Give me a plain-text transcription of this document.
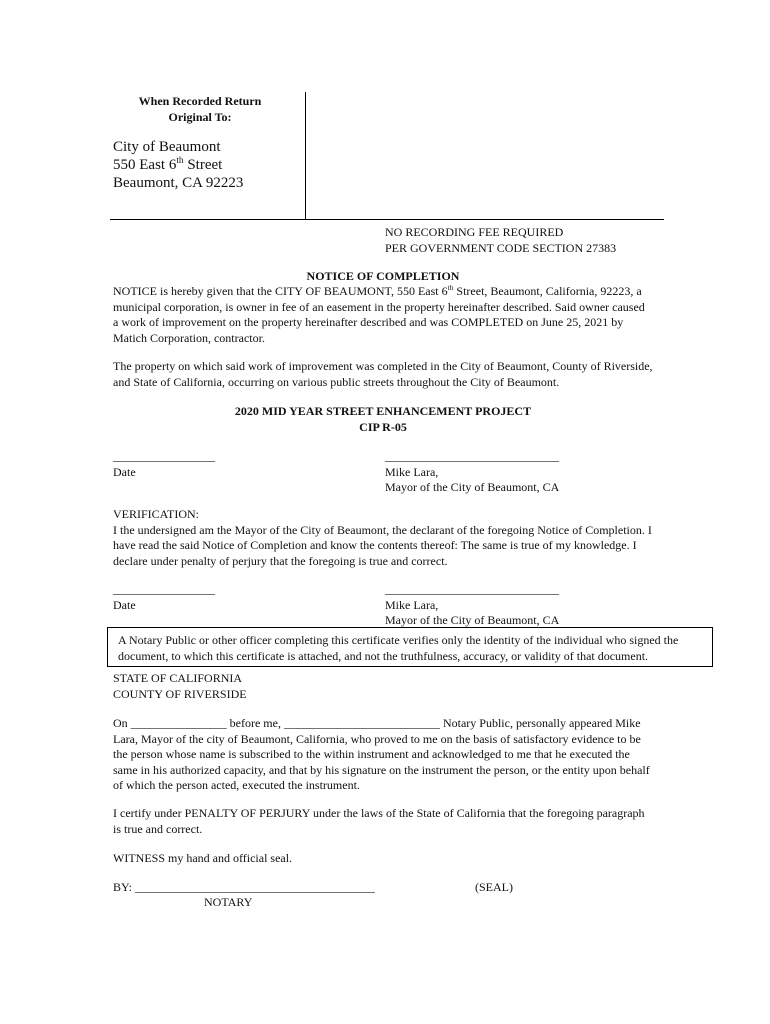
When Recorded Return
Original To:
City of Beaumont
550 East 6th Street
Beaumont, CA 92223
NO RECORDING FEE REQUIRED
PER GOVERNMENT CODE SECTION 27383
NOTICE OF COMPLETION
NOTICE is hereby given that the CITY OF BEAUMONT, 550 East 6th Street, Beaumont, California, 92223, a municipal corporation, is owner in fee of an easement in the property hereinafter described. Said owner caused a work of improvement on the property hereinafter described and was COMPLETED on June 25, 2021 by Matich Corporation, contractor.
The property on which said work of improvement was completed in the City of Beaumont, County of Riverside, and State of California, occurring on various public streets throughout the City of Beaumont.
2020 MID YEAR STREET ENHANCEMENT PROJECT
CIP R-05
_________________
Date
_____________________________
Mike Lara,
Mayor of the City of Beaumont, CA
VERIFICATION:
I the undersigned am the Mayor of the City of Beaumont, the declarant of the foregoing Notice of Completion. I have read the said Notice of Completion and know the contents thereof: The same is true of my knowledge. I declare under penalty of perjury that the foregoing is true and correct.
_________________
Date
_____________________________
Mike Lara,
Mayor of the City of Beaumont, CA
A Notary Public or other officer completing this certificate verifies only the identity of the individual who signed the document, to which this certificate is attached, and not the truthfulness, accuracy, or validity of that document.
STATE OF CALIFORNIA
COUNTY OF RIVERSIDE
On ________________ before me, __________________________ Notary Public, personally appeared Mike Lara, Mayor of the city of Beaumont, California, who proved to me on the basis of satisfactory evidence to be the person whose name is subscribed to the within instrument and acknowledged to me that he executed the same in his authorized capacity, and that by his signature on the instrument the person, or the entity upon behalf of which the person acted, executed the instrument.
I certify under PENALTY OF PERJURY under the laws of the State of California that the foregoing paragraph is true and correct.
WITNESS my hand and official seal.
BY: ________________________________________	(SEAL)
NOTARY
